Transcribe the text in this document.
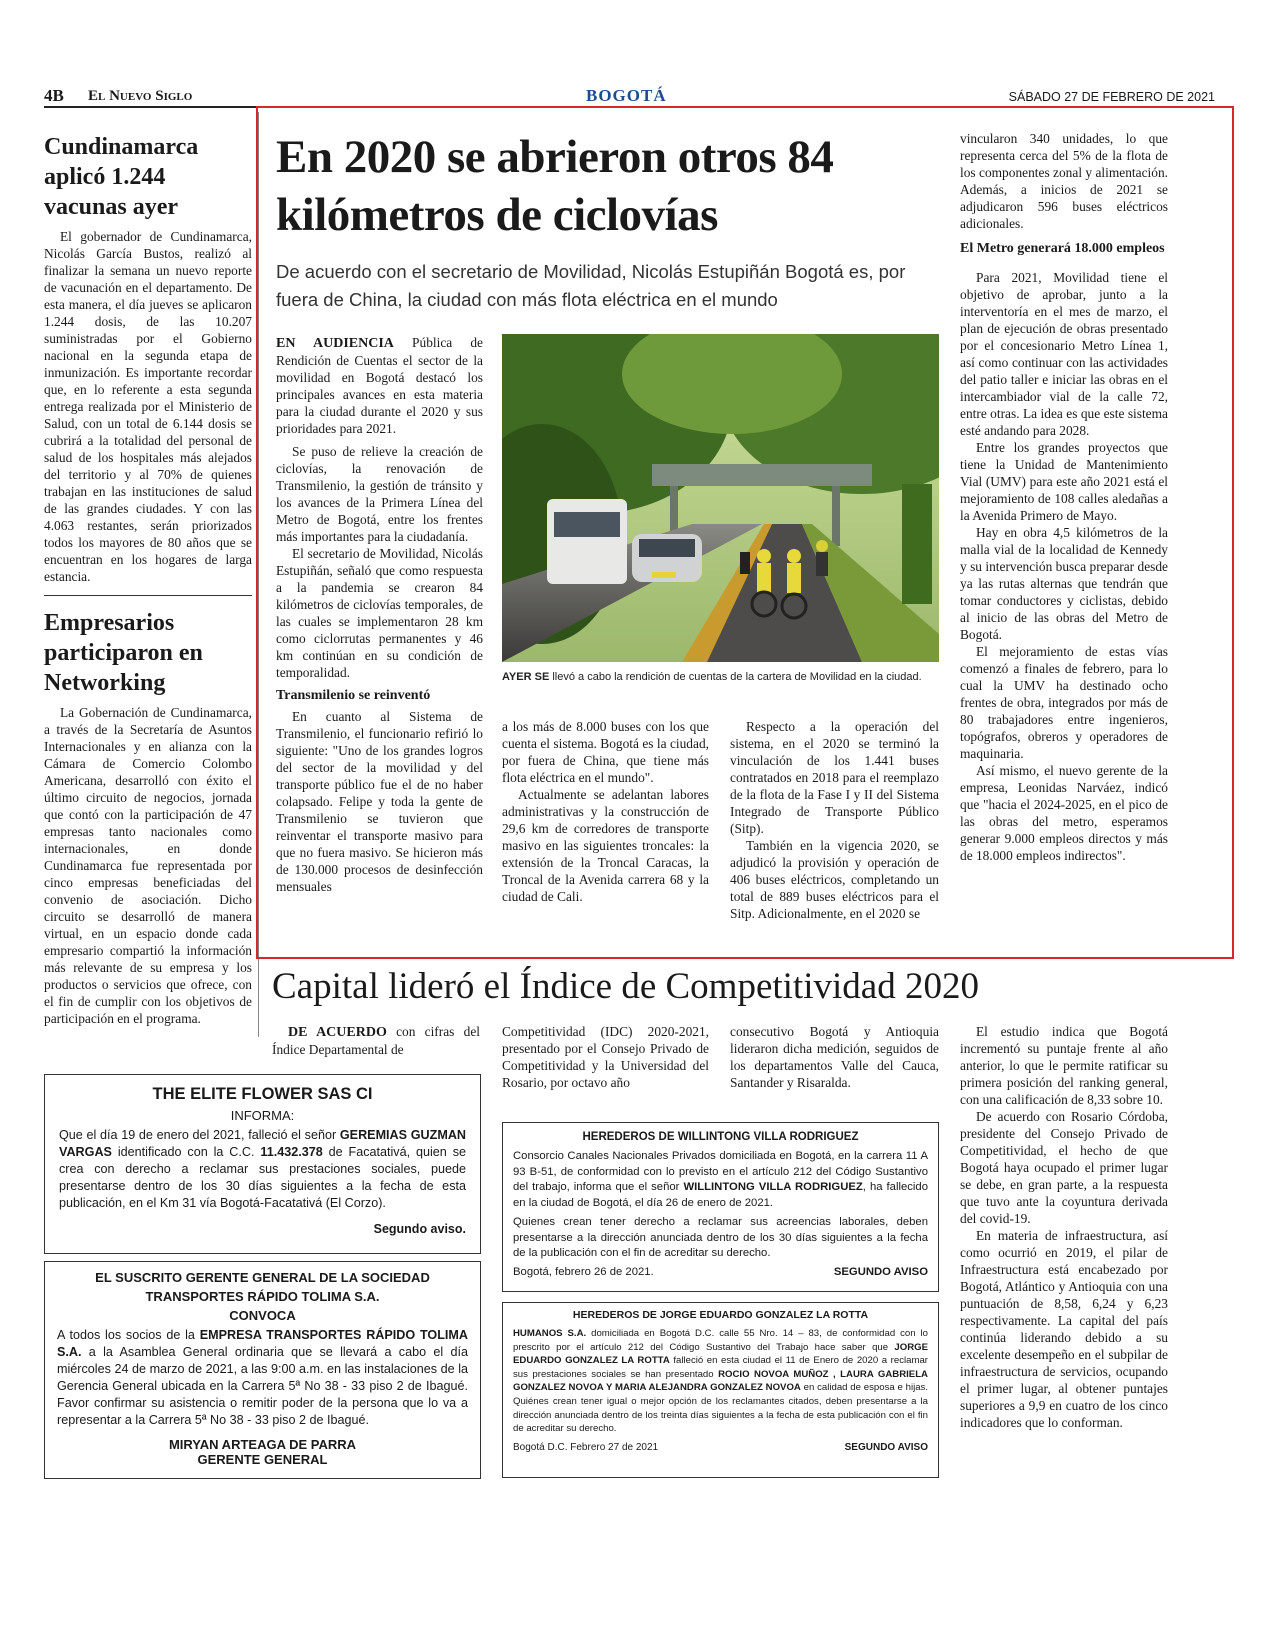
4B El Nuevo Siglo	BOGOTÁ	SÁBADO 27 DE FEBRERO DE 2021
Cundinamarca aplicó 1.244 vacunas ayer

El gobernador de Cundinamarca, Nicolás García Bustos, realizó al finalizar la semana un nuevo reporte de vacunación en el departamento. De esta manera, el día jueves se aplicaron 1.244 dosis, de las 10.207 suministradas por el Gobierno nacional en la segunda etapa de inmunización. Es importante recordar que, en lo referente a esta segunda entrega realizada por el Ministerio de Salud, con un total de 6.144 dosis se cubrirá a la totalidad del personal de salud de los hospitales más alejados del territorio y al 70% de quienes trabajan en las instituciones de salud de las grandes ciudades. Y con las 4.063 restantes, serán priorizados todos los mayores de 80 años que se encuentran en los hogares de larga estancia.

Empresarios participaron en Networking

La Gobernación de Cundinamarca, a través de la Secretaría de Asuntos Internacionales y en alianza con la Cámara de Comercio Colombo Americana, desarrolló con éxito el último circuito de negocios, jornada que contó con la participación de 47 empresas tanto nacionales como internacionales, en donde Cundinamarca fue representada por cinco empresas beneficiadas del convenio de asociación. Dicho circuito se desarrolló de manera virtual, en un espacio donde cada empresario compartió la información más relevante de su empresa y los productos o servicios que ofrece, con el fin de cumplir con los objetivos de participación en el programa.

En 2020 se abrieron otros 84 kilómetros de ciclovías
De acuerdo con el secretario de Movilidad, Nicolás Estupiñán Bogotá es, por fuera de China, la ciudad con más flota eléctrica en el mundo

EN AUDIENCIA Pública de Rendición de Cuentas el sector de la movilidad en Bogotá destacó los principales avances en esta materia para la ciudad durante el 2020 y sus prioridades para 2021.

Se puso de relieve la creación de ciclovías, la renovación de Transmilenio, la gestión de tránsito y los avances de la Primera Línea del Metro de Bogotá, entre los frentes más importantes para la ciudadanía.

El secretario de Movilidad, Nicolás Estupiñán, señaló que como respuesta a la pandemia se crearon 84 kilómetros de ciclovías temporales, de las cuales se implementaron 28 km como ciclorrutas permanentes y 46 km continúan en su condición de temporalidad.

Transmilenio se reinventó

En cuanto al Sistema de Transmilenio, el funcionario refirió lo siguiente: "Uno de los grandes logros del sector de la movilidad y del transporte público fue el de no haber colapsado. Felipe y toda la gente de Transmilenio se tuvieron que reinventar el transporte masivo para que no fuera masivo. Se hicieron más de 130.000 procesos de desinfección mensuales

AYER SE llevó a cabo la rendición de cuentas de la cartera de Movilidad en la ciudad.

a los más de 8.000 buses con los que cuenta el sistema. Bogotá es la ciudad, por fuera de China, que tiene más flota eléctrica en el mundo".

Actualmente se adelantan labores administrativas y la construcción de 29,6 km de corredores de transporte masivo en las siguientes troncales: la extensión de la Troncal Caracas, la Troncal de la Avenida carrera 68 y la ciudad de Cali.

Respecto a la operación del sistema, en el 2020 se terminó la vinculación de los 1.441 buses contratados en 2018 para el reemplazo de la flota de la Fase I y II del Sistema Integrado de Transporte Público (Sitp).

También en la vigencia 2020, se adjudicó la provisión y operación de 406 buses eléctricos, completando un total de 889 buses eléctricos para el Sitp. Adicionalmente, en el 2020 se

vincularon 340 unidades, lo que representa cerca del 5% de la flota de los componentes zonal y alimentación. Además, a inicios de 2021 se adjudicaron 596 buses eléctricos adicionales.

El Metro generará 18.000 empleos

Para 2021, Movilidad tiene el objetivo de aprobar, junto a la interventoría en el mes de marzo, el plan de ejecución de obras presentado por el concesionario Metro Línea 1, así como continuar con las actividades del patio taller e iniciar las obras en el intercambiador vial de la calle 72, entre otras. La idea es que este sistema esté andando para 2028.

Entre los grandes proyectos que tiene la Unidad de Mantenimiento Vial (UMV) para este año 2021 está el mejoramiento de 108 calles aledañas a la Avenida Primero de Mayo.

Hay en obra 4,5 kilómetros de la malla vial de la localidad de Kennedy y su intervención busca preparar desde ya las rutas alternas que tendrán que tomar conductores y ciclistas, debido al inicio de las obras del Metro de Bogotá.

El mejoramiento de estas vías comenzó a finales de febrero, para lo cual la UMV ha destinado ocho frentes de obra, integrados por más de 80 trabajadores entre ingenieros, topógrafos, obreros y operadores de maquinaria.

Así mismo, el nuevo gerente de la empresa, Leonidas Narváez, indicó que "hacia el 2024-2025, en el pico de las obras del metro, esperamos generar 9.000 empleos directos y más de 18.000 empleos indirectos".

Capital lideró el Índice de Competitividad 2020

DE ACUERDO con cifras del Índice Departamental de

Competitividad (IDC) 2020-2021, presentado por el Consejo Privado de Competitividad y la Universidad del Rosario, por octavo año

consecutivo Bogotá y Antioquia lideraron dicha medición, seguidos de los departamentos Valle del Cauca, Santander y Risaralda.

El estudio indica que Bogotá incrementó su puntaje frente al año anterior, lo que le permite ratificar su primera posición del ranking general, con una calificación de 8,33 sobre 10.

De acuerdo con Rosario Córdoba, presidente del Consejo Privado de Competitividad, el hecho de que Bogotá haya ocupado el primer lugar se debe, en gran parte, a la respuesta que tuvo ante la coyuntura derivada del covid-19.

En materia de infraestructura, así como ocurrió en 2019, el pilar de Infraestructura está encabezado por Bogotá, Atlántico y Antioquia con una puntuación de 8,58, 6,24 y 6,23 respectivamente. La capital del país continúa liderando debido a su excelente desempeño en el subpilar de infraestructura de servicios, ocupando el primer lugar, al obtener puntajes superiores a 9,9 en cuatro de los cinco indicadores que lo conforman.

THE ELITE FLOWER SAS CI
INFORMA:
Que el día 19 de enero del 2021, falleció el señor GEREMIAS GUZMAN VARGAS identificado con la C.C. 11.432.378 de Facatativá, quien se crea con derecho a reclamar sus prestaciones sociales, puede presentarse dentro de los 30 días siguientes a la fecha de esta publicación, en el Km 31 vía Bogotá-Facatativá (El Corzo).
Segundo aviso.
EL SUSCRITO GERENTE GENERAL DE LA SOCIEDAD
TRANSPORTES RÁPIDO TOLIMA S.A.
CONVOCA
A todos los socios de la EMPRESA TRANSPORTES RÁPIDO TOLIMA S.A. a la Asamblea General ordinaria que se llevará a cabo el día miércoles 24 de marzo de 2021, a las 9:00 a.m. en las instalaciones de la Gerencia General ubicada en la Carrera 5ª No 38 - 33 piso 2 de Ibagué. Favor confirmar su asistencia o remitir poder de la persona que lo va a representar a la Carrera 5ª No 38 - 33 piso 2 de Ibagué.
MIRYAN ARTEAGA DE PARRA
GERENTE GENERAL
HEREDEROS DE WILLINTONG VILLA RODRIGUEZ
Consorcio Canales Nacionales Privados domiciliada en Bogotá, en la carrera 11 A 93 B-51, de conformidad con lo previsto en el artículo 212 del Código Sustantivo del trabajo, informa que el señor WILLINTONG VILLA RODRIGUEZ, ha fallecido en la ciudad de Bogotá, el día 26 de enero de 2021.
Quienes crean tener derecho a reclamar sus acreencias laborales, deben presentarse a la dirección anunciada dentro de los 30 días siguientes a la fecha de la publicación con el fin de acreditar su derecho.
Bogotá, febrero 26 de 2021.	SEGUNDO AVISO
HEREDEROS DE JORGE EDUARDO GONZALEZ LA ROTTA
HUMANOS S.A. domiciliada en Bogotá D.C. calle 55 Nro. 14 – 83, de conformidad con lo prescrito por el artículo 212 del Código Sustantivo del Trabajo hace saber que JORGE EDUARDO GONZALEZ LA ROTTA falleció en esta ciudad el 11 de Enero de 2020 a reclamar sus prestaciones sociales se han presentado ROCIO NOVOA MUÑOZ , LAURA GABRIELA GONZALEZ NOVOA Y MARIA ALEJANDRA GONZALEZ NOVOA en calidad de esposa e hijas. Quiénes crean tener igual o mejor opción de los reclamantes citados, deben presentarse a la dirección anunciada dentro de los treinta días siguientes a la fecha de esta publicación con el fin de acreditar su derecho.
Bogotá D.C. Febrero 27 de 2021	SEGUNDO AVISO
